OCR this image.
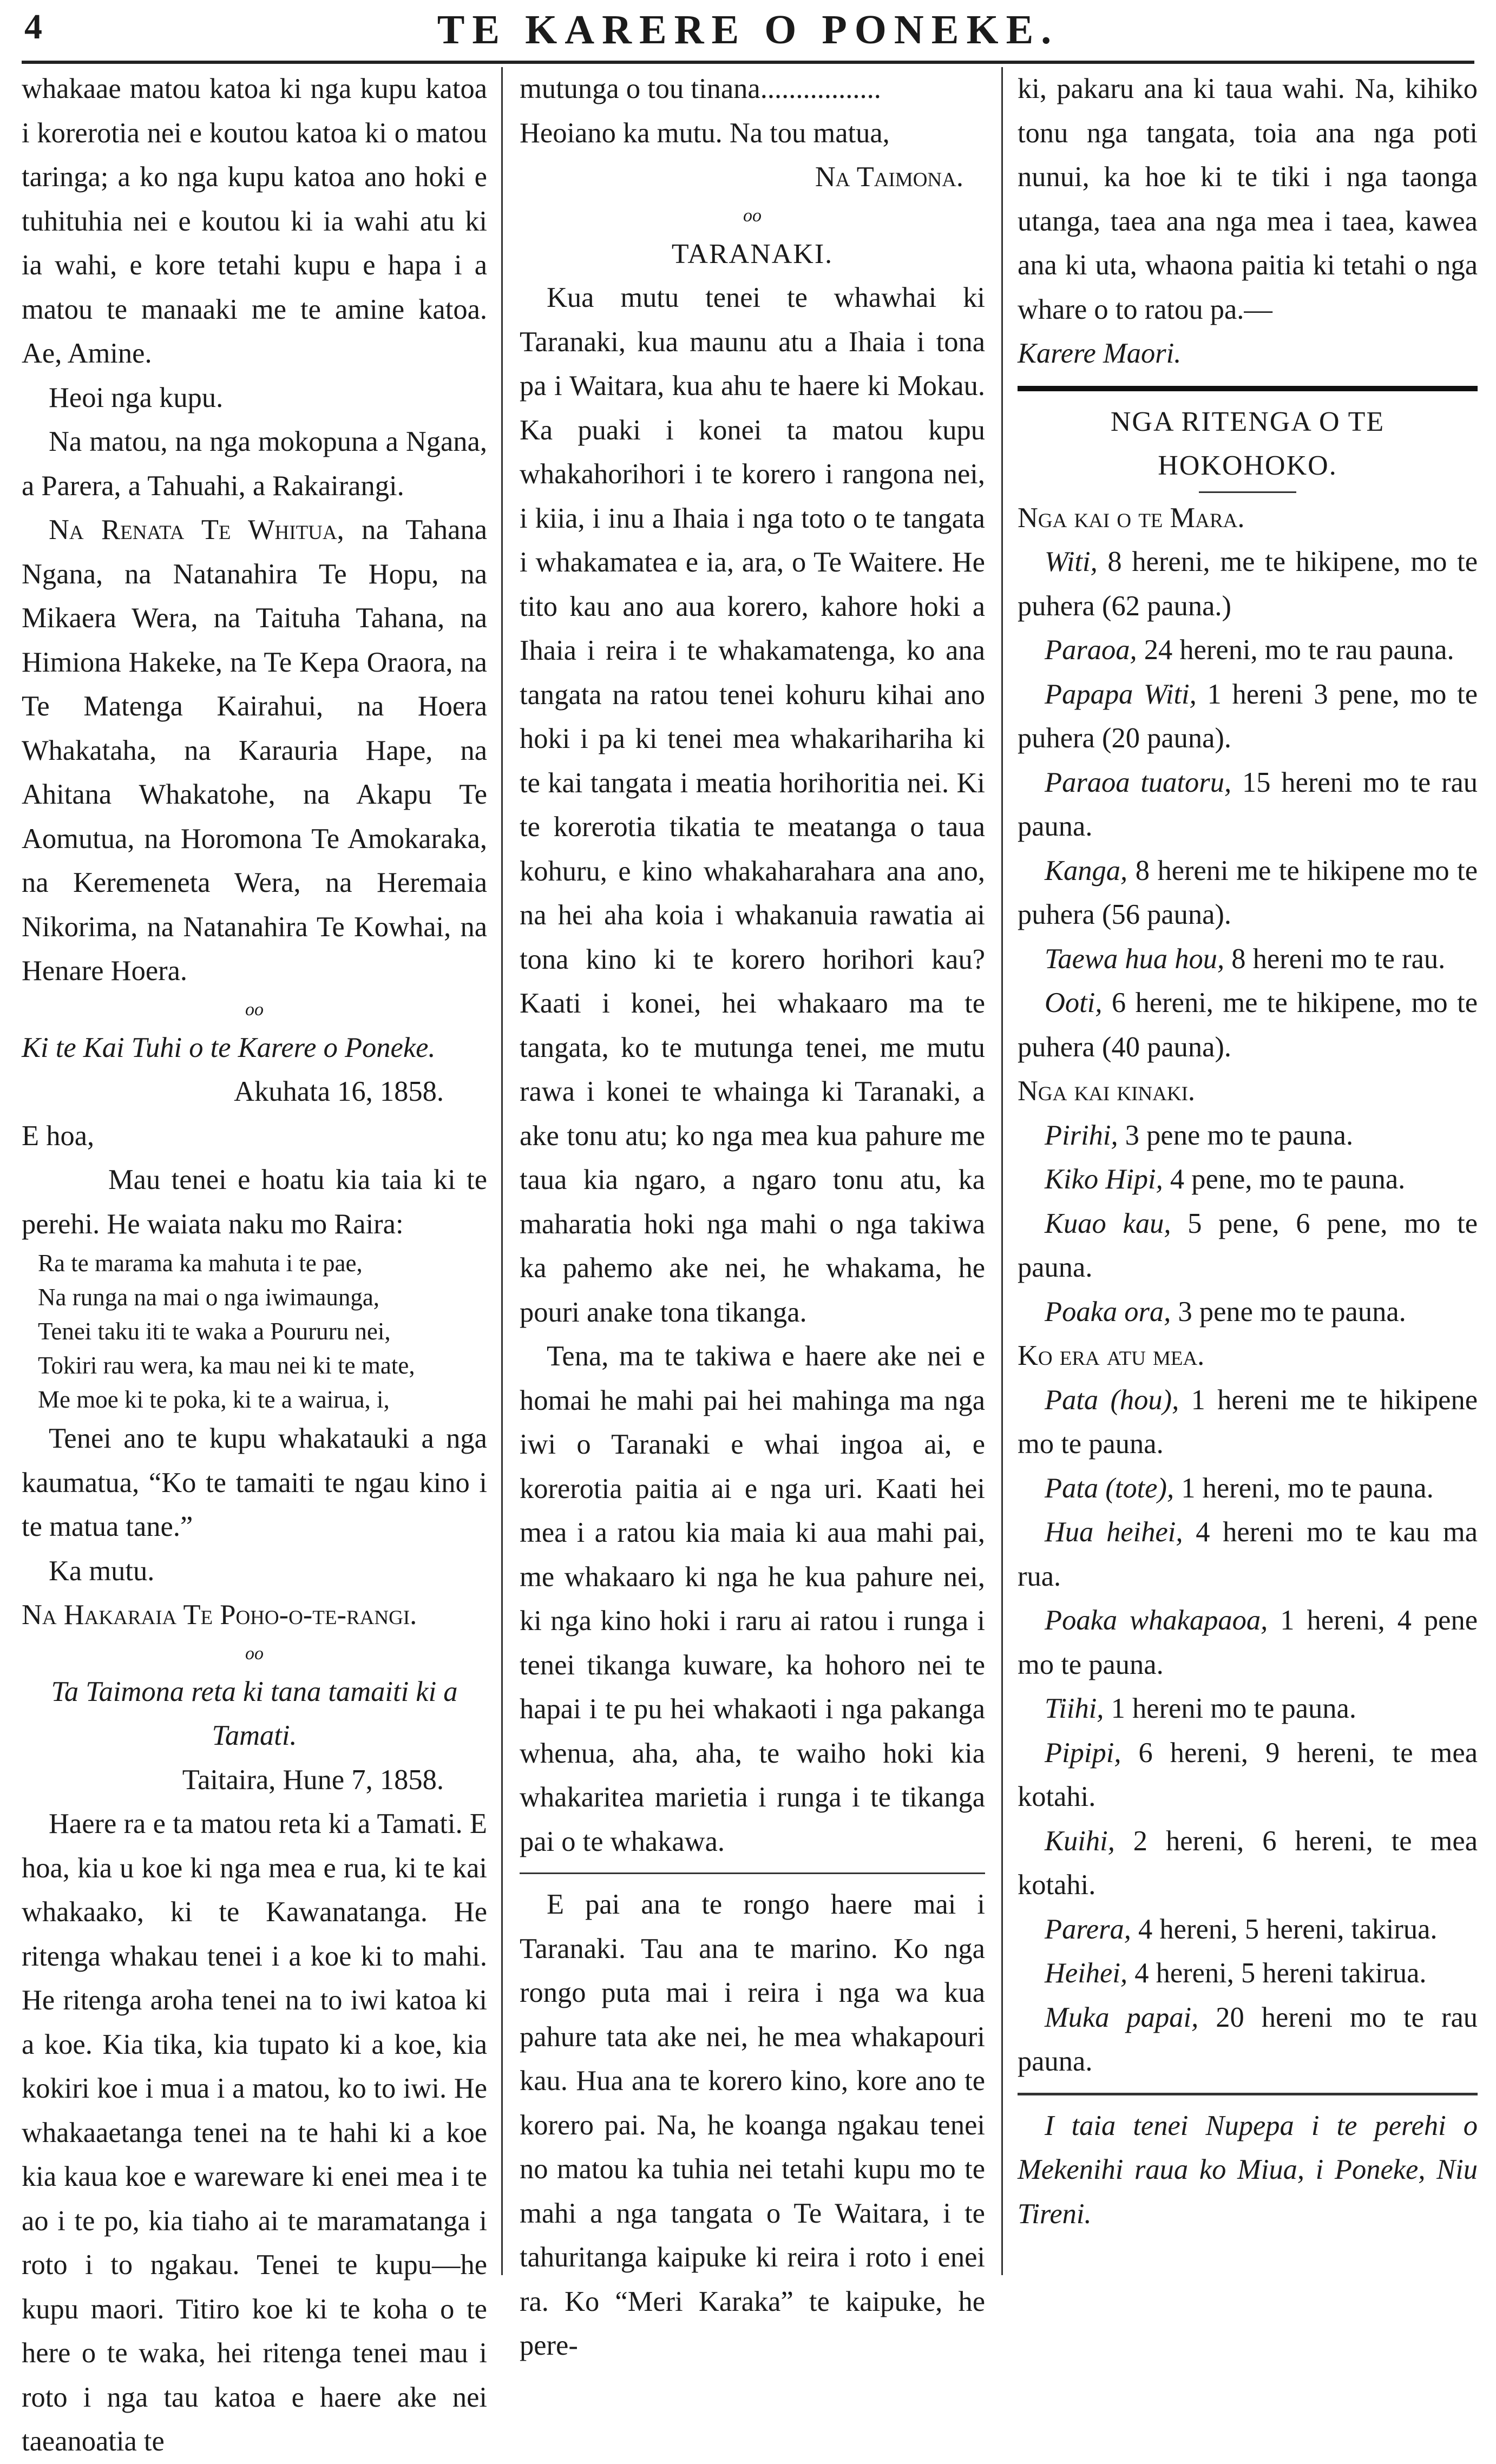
4	TE KARERE O PONEKE.

whakaae matou katoa ki nga kupu katoa i korerotia nei e koutou katoa ki o matou taringa; a ko nga kupu katoa ano hoki e tuhituhia nei e koutou ki ia wahi atu ki ia wahi, e kore tetahi kupu e hapa i a matou te manaaki me te amine katoa. Ae, Amine.

Heoi nga kupu.

Na matou, na nga mokopuna a Ngana, a Parera, a Tahuahi, a Rakairangi.

Na Renata Te Whitua, na Tahana Ngana, na Natanahira Te Hopu, na Mikaera Wera, na Taituha Tahana, na Himiona Hakeke, na Te Kepa Oraora, na Te Matenga Kairahui, na Hoera Whakataha, na Karauria Hape, na Ahitana Whakatohe, na Akapu Te Aomutua, na Horomona Te Amokaraka, na Keremeneta Wera, na Heremaia Nikorima, na Natanahira Te Kowhai, na Henare Hoera.

oo

Ki te Kai Tuhi o te Karere o Poneke.

Akuhata 16, 1858.

E hoa,

Mau tenei e hoatu kia taia ki te perehi. He waiata naku mo Raira:

Ra te marama ka mahuta i te pae,
Na runga na mai o nga iwimaunga,
Tenei taku iti te waka a Poururu nei,
Tokiri rau wera, ka mau nei ki te mate,
Me moe ki te poka, ki te a wairua, i,

Tenei ano te kupu whakatauki a nga kaumatua, “Ko te tamaiti te ngau kino i te matua tane.”

Ka mutu.

Na Hakaraia Te Poho-o-te-rangi.

oo

Ta Taimona reta ki tana tamaiti ki a Tamati.

Taitaira, Hune 7, 1858.

Haere ra e ta matou reta ki a Tamati. E hoa, kia u koe ki nga mea e rua, ki te kai whakaako, ki te Kawanatanga. He ritenga whakau tenei i a koe ki to mahi. He ritenga aroha tenei na to iwi katoa ki a koe. Kia tika, kia tupato ki a koe, kia kokiri koe i mua i a matou, ko to iwi. He whakaaetanga tenei na te hahi ki a koe kia kaua koe e wareware ki enei mea i te ao i te po, kia tiaho ai te maramatanga i roto i to ngakau. Tenei te kupu—he kupu maori. Titiro koe ki te koha o te here o te waka, hei ritenga tenei mau i roto i nga tau katoa e haere ake nei taeanoatia te

mutunga o tou tinana.................

Heoiano ka mutu. Na tou matua,

Na Taimona.

oo
TARANAKI.

Kua mutu tenei te whawhai ki Taranaki, kua maunu atu a Ihaia i tona pa i Waitara, kua ahu te haere ki Mokau. Ka puaki i konei ta matou kupu whakahorihori i te korero i rangona nei, i kiia, i inu a Ihaia i nga toto o te tangata i whakamatea e ia, ara, o Te Waitere. He tito kau ano aua korero, kahore hoki a Ihaia i reira i te whakamatenga, ko ana tangata na ratou tenei kohuru kihai ano hoki i pa ki tenei mea whakarihariha ki te kai tangata i meatia horihoritia nei. Ki te korerotia tikatia te meatanga o taua kohuru, e kino whakaharahara ana ano, na hei aha koia i whakanuia rawatia ai tona kino ki te korero horihori kau? Kaati i konei, hei whakaaro ma te tangata, ko te mutunga tenei, me mutu rawa i konei te whainga ki Taranaki, a ake tonu atu; ko nga mea kua pahure me taua kia ngaro, a ngaro tonu atu, ka maharatia hoki nga mahi o nga takiwa ka pahemo ake nei, he whakama, he pouri anake tona tikanga.

Tena, ma te takiwa e haere ake nei e homai he mahi pai hei mahinga ma nga iwi o Taranaki e whai ingoa ai, e korerotia paitia ai e nga uri. Kaati hei mea i a ratou kia maia ki aua mahi pai, me whakaaro ki nga he kua pahure nei, ki nga kino hoki i raru ai ratou i runga i tenei tikanga kuware, ka hohoro nei te hapai i te pu hei whakaoti i nga pakanga whenua, aha, aha, te waiho hoki kia whakaritea marietia i runga i te tikanga pai o te whakawa.

E pai ana te rongo haere mai i Taranaki. Tau ana te marino. Ko nga rongo puta mai i reira i nga wa kua pahure tata ake nei, he mea whakapouri kau. Hua ana te korero kino, kore ano te korero pai. Na, he koanga ngakau tenei no matou ka tuhia nei tetahi kupu mo te mahi a nga tangata o Te Waitara, i te tahuritanga kaipuke ki reira i roto i enei ra. Ko “Meri Karaka” te kaipuke, he pere-

ki, pakaru ana ki taua wahi. Na, kihiko tonu nga tangata, toia ana nga poti nunui, ka hoe ki te tiki i nga taonga utanga, taea ana nga mea i taea, kawea ana ki uta, whaona paitia ki tetahi o nga whare o to ratou pa.—

Karere Maori.

NGA RITENGA O TE HOKOHOKO.

Nga kai o te Mara.

Witi, 8 hereni, me te hikipene, mo te puhera (62 pauna.)

Paraoa, 24 hereni, mo te rau pauna.

Papapa Witi, 1 hereni 3 pene, mo te puhera (20 pauna).

Paraoa tuatoru, 15 hereni mo te rau pauna.

Kanga, 8 hereni me te hikipene mo te puhera (56 pauna).

Taewa hua hou, 8 hereni mo te rau.

Ooti, 6 hereni, me te hikipene, mo te puhera (40 pauna).

Nga kai kinaki.

Pirihi, 3 pene mo te pauna.

Kiko Hipi, 4 pene, mo te pauna.

Kuao kau, 5 pene, 6 pene, mo te pauna.

Poaka ora, 3 pene mo te pauna.

Ko era atu mea.

Pata (hou), 1 hereni me te hikipene mo te pauna.

Pata (tote), 1 hereni, mo te pauna.

Hua heihei, 4 hereni mo te kau ma rua.

Poaka whakapaoa, 1 hereni, 4 pene mo te pauna.

Tiihi, 1 hereni mo te pauna.

Pipipi, 6 hereni, 9 hereni, te mea kotahi.

Kuihi, 2 hereni, 6 hereni, te mea kotahi.

Parera, 4 hereni, 5 hereni, takirua.

Heihei, 4 hereni, 5 hereni takirua.

Muka papai, 20 hereni mo te rau pauna.

I taia tenei Nupepa i te perehi o Mekenihi raua ko Miua, i Poneke, Niu Tireni.
